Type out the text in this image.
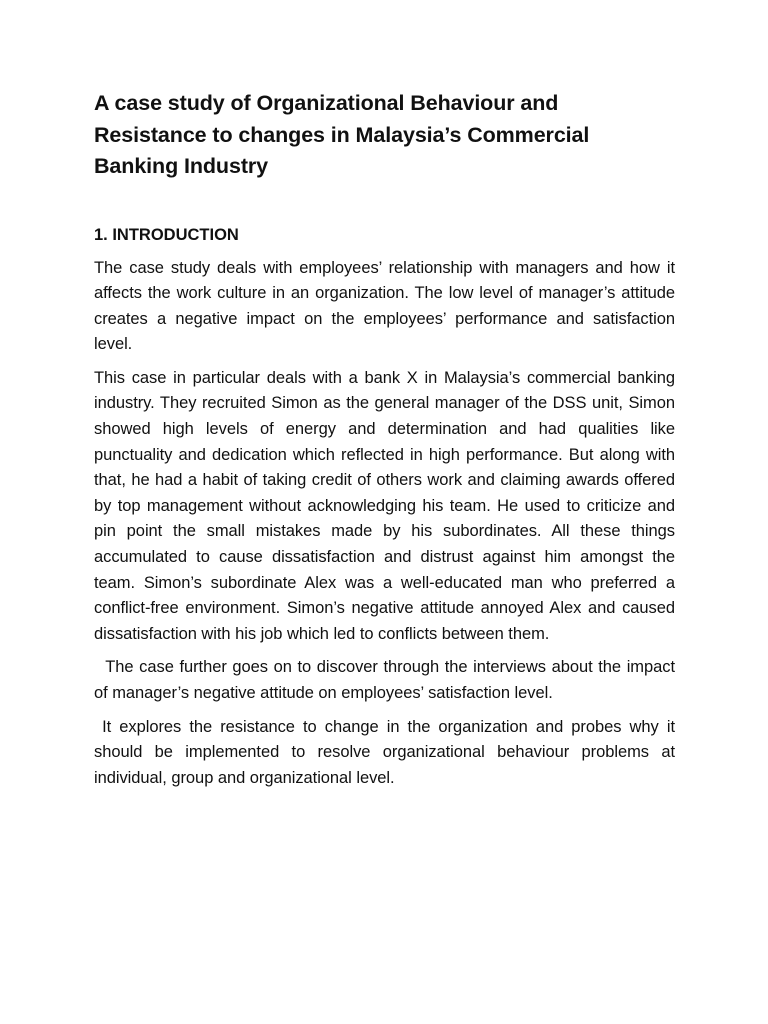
A case study of Organizational Behaviour and Resistance to changes in Malaysia’s Commercial Banking Industry
1. INTRODUCTION

The case study deals with employees’ relationship with managers and how it affects the work culture in an organization. The low level of manager’s attitude creates a negative impact on the employees’ performance and satisfaction level.

This case in particular deals with a bank X in Malaysia’s commercial banking industry. They recruited Simon as the general manager of the DSS unit, Simon showed high levels of energy and determination and had qualities like punctuality and dedication which reflected in high performance. But along with that, he had a habit of taking credit of others work and claiming awards offered by top management without acknowledging his team. He used to criticize and pin point the small mistakes made by his subordinates. All these things accumulated to cause dissatisfaction and distrust against him amongst the team. Simon’s subordinate Alex was a well-educated man who preferred a conflict-free environment. Simon’s negative attitude annoyed Alex and caused dissatisfaction with his job which led to conflicts between them.

The case further goes on to discover through the interviews about the impact of manager’s negative attitude on employees’ satisfaction level.

It explores the resistance to change in the organization and probes why it should be implemented to resolve organizational behaviour problems at individual, group and organizational level.
